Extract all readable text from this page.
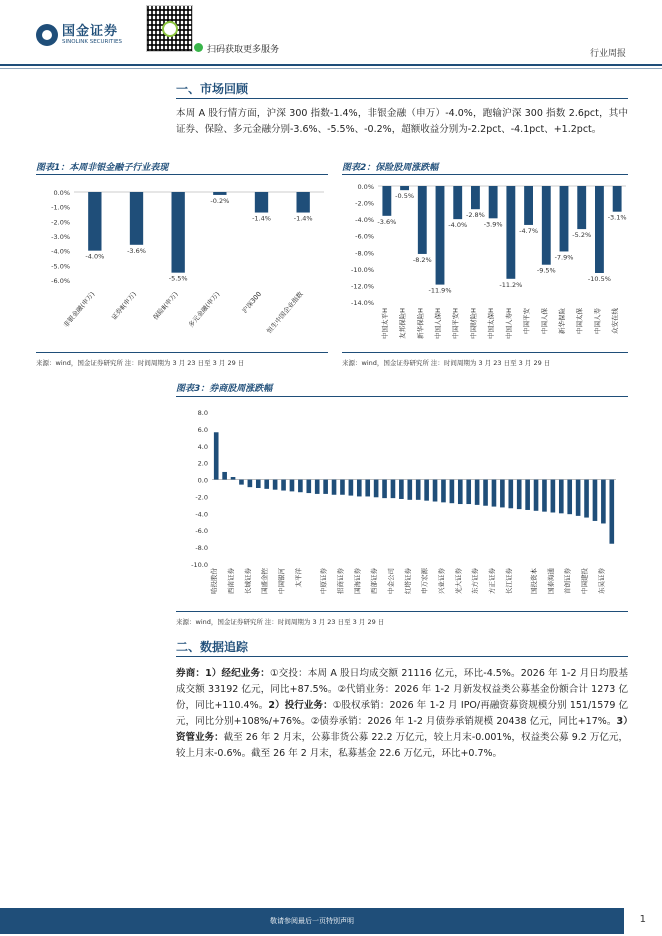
国金证券
SINOLINK SECURITIES
扫码获取更多服务	行业周报
一、市场回顾
本周 A 股行情方面，沪深 300 指数-1.4%，非银金融（申万）-4.0%，跑输沪深 300 指数 2.6pct，其中证券、保险、多元金融分别-3.6%、-5.5%、-0.2%，超额收益分别为-2.2pct、-4.1pct、+1.2pct。
图表1：本周非银金融子行业表现
0.0%
-1.0%
-2.0%
-3.0%
-4.0%
-5.0%
-6.0%
-4.0%
-3.6%
-5.5%
-0.2%
-1.4%	-1.4%
非银金融(申万) 证券Ⅱ(申万) 保险Ⅱ(申万) 多元金融(申万)	沪深300 恒生中国企业指数
来源：wind，国金证券研究所 注：时间周期为 3 月 23 日至 3 月 29 日
图表2：保险股周涨跌幅
0.0%
-2.0%
-4.0%
-6.0%
-8.0%
-10.0%
-12.0%
-14.0%
-3.6%
-0.5%
-8.2%
-11.9%
-4.0%
-2.8%
-3.9%
-11.2%
-4.7%
-9.5%
-7.9%
-5.2%
-10.5%
-3.1%
中国太平H 友邦保险H 新华保险H 中国人保H 中国平安H 中国财险H 中国太保H 中国人寿H 中国平安 中国人保 新华保险 中国太保 中国人寿 众安在线
来源：wind，国金证券研究所 注：时间周期为 3 月 23 日至 3 月 29 日
图表3：券商股周涨跌幅
8.0
6.0
4.0
2.0
0.0
-2.0
-4.0
-6.0
-8.0
-10.0
哈投股份 西南证券 长城证券 国盛金控 中国银河 太平洋	中原证券 招商证券 国海证券 西部证券 中金公司 红塔证券 申万宏源 兴业证券 光大证券 东方证券 方正证券 长江证券	国投资本 国泰海通 首创证券 中国建投 东吴证券
来源：wind，国金证券研究所 注：时间周期为 3 月 23 日至 3 月 29 日
二、数据追踪
券商：1）经纪业务：①交投：本周 A 股日均成交额 21116 亿元，环比-4.5%。2026 年 1-2 月日均股基成交额 33192 亿元，同比+87.5%。②代销业务：2026 年 1-2 月新发权益类公募基金份额合计 1273 亿份，同比+110.4%。2）投行业务：①股权承销：2026 年 1-2 月 IPO/再融资募资规模分别 151/1579 亿元，同比分别+108%/+76%。②债券承销：2026 年 1-2 月债券承销规模 20438 亿元，同比+17%。3）资管业务：截至 26 年 2 月末，公募非货公募 22.2 万亿元，较上月末-0.001%，权益类公募 9.2 万亿元，较上月末-0.6%。截至 26 年 2 月末，私募基金 22.6 万亿元，环比+0.7%。
敬请参阅最后一页特别声明	1
